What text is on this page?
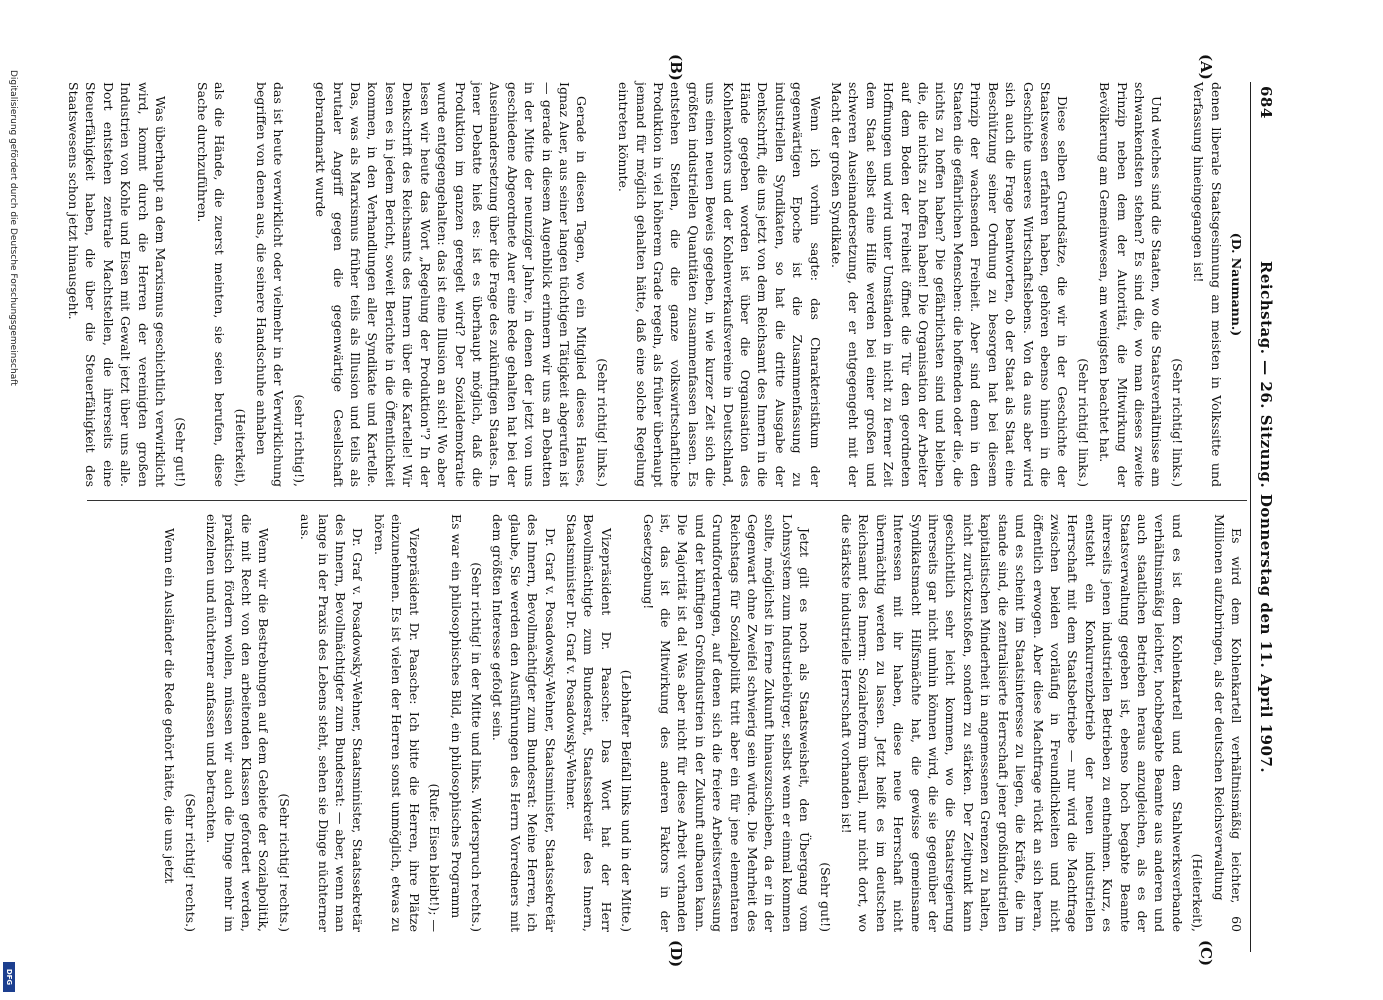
Digitalisierung gefördert durch die Deutsche Forschungsgemeinschaft
DFG
684
Reichstag. — 26. Sitzung. Donnerstag den 11. April 1907.
(A)
(B)
(C)
(D)
(D. Naumann.)
denen liberale Staatsgesinnung am meisten in Volkssitte und Verfassung hineingegangen ist!
(Sehr richtig! links.)
Und welches sind die Staaten, wo die Staatsverhältnisse am schwankendsten stehen? Es sind die, wo man dieses zweite Prinzip neben dem der Autorität, die Mitwirkung der Bevölkerung am Gemeinwesen, am wenigsten beachtet hat.
(Sehr richtig! links.)
Diese selben Grundsätze, die wir in der Geschichte der Staatswesen erfahren haben, gehören ebenso hinein in die Geschichte unseres Wirtschaftslebens. Von da aus aber wird sich auch die Frage beantworten, ob der Staat als Staat eine Beschützung seiner Ordnung zu besorgen hat bei diesem Prinzip der wachsenden Freiheit. Aber sind denn in den Staaten die gefährlichen Menschen: die hoffenden oder die, die nichts zu hoffen haben? Die gefährlichsten sind und bleiben die, die nichts zu hoffen haben! Die Organisation der Arbeiter auf dem Boden der Freiheit öffnet die Tür den geordneten Hoffnungen und wird unter Umständen in nicht zu ferner Zeit dem Staat selbst eine Hilfe werden bei einer großen und schweren Auseinandersetzung, der er entgegengeht mit der Macht der großen Syndikate.
Wenn ich vorhin sagte: das Charakteristikum der gegenwärtigen Epoche ist die Zusammenfassung zu industriellen Syndikaten, so hat die dritte Ausgabe der Denkschrift, die uns jetzt von dem Reichsamt des Innern in die Hände gegeben worden ist über die Organisation des Kohlenkontors und der Kohlenverkaufsvereine in Deutschland, uns einen neuen Beweis gegeben, in wie kurzer Zeit sich die größten industriellen Quantitäten zusammenfassen lassen. Es entstehen Stellen, die die ganze volkswirtschaftliche Produktion in viel höherem Grade regeln, als früher überhaupt jemand für möglich gehalten hätte, daß eine solche Regelung eintreten könnte.
(Sehr richtig! links.)
Gerade in diesen Tagen, wo ein Mitglied dieses Hauses, Ignaz Auer, aus seiner langen tüchtigen Tätigkeit abgerufen ist — gerade in diesem Augenblick erinnern wir uns an Debatten in der Mitte der neunziger Jahre, in denen der jetzt von uns geschiedene Abgeordnete Auer eine Rede gehalten hat bei der Auseinandersetzung über die Frage des zukünftigen Staates. In jener Debatte hieß es: ist es überhaupt möglich, daß die Produktion im ganzen geregelt wird? Der Sozialdemokratie wurde entgegengehalten: das ist eine Illusion an sich! Wo aber lesen wir heute das Wort „Regelung der Produktion"? In der Denkschrift des Reichsamts des Innern über die Kartelle! Wir lesen es in jedem Bericht, soweit Berichte in die Öffentlichkeit kommen, in den Verhandlungen aller Syndikate und Kartelle. Das, was als Marxismus früher teils als Illusion und teils als brutaler Angriff gegen die gegenwärtige Gesellschaft gebrandmarkt wurde
(sehr richtig!),
das ist heute verwirklicht oder vielmehr in der Verwirklichung begriffen von denen aus, die seinere Handschuhe anhaben
(Heiterkeit),
als die Hände, die zuerst meinten, sie seien berufen, diese Sache durchzuführen.
(Sehr gut!)
Was überhaupt an dem Marxismus geschichtlich verwirklicht wird, kommt durch die Herren der vereinigten großen Industrien von Kohle und Eisen mit Gewalt jetzt über uns alle. Dort entstehen zentrale Machtstellen, die ihrerseits eine Steuerfähigkeit haben, die über die Steuerfähigkeit des Staatswesens schon jetzt hinausgeht.
Es wird dem Kohlenkartell verhältnismäßig leichter, 60 Millionen aufzubringen, als der deutschen Reichsverwaltung
(Heiterkeit),
und es ist dem Kohlenkartell und dem Stahlwerksverbande verhältnismäßig leichter, hochbegabte Beamte aus anderen und auch staatlichen Betrieben heraus anzugleichen, als es der Staatsverwaltung gegeben ist, ebenso hoch begabte Beamte ihrerseits jenen industriellen Betrieben zu entnehmen. Kurz, es entsteht ein Konkurrenzbetrieb der neuen industriellen Herrschaft mit dem Staatsbetriebe — nur wird die Machtfrage zwischen beiden vorläufig in Freundlichkeiten und nicht öffentlich erwogen. Aber diese Machtfrage rückt an sich heran, und es scheint im Staatsinteresse zu liegen, die Kräfte, die im stande sind, die zentralisierte Herrschaft jener großindustriellen kapitalistischen Minderheit in angemessenen Grenzen zu halten, nicht zurückzustoßen, sondern zu stärken. Der Zeitpunkt kann geschichtlich sehr leicht kommen, wo die Staatsregierung ihrerseits gar nicht umhin können wird, die sie gegenüber der Syndikatsmacht Hilfsmächte hat, die gewisse gemeinsame Interessen mit ihr haben, diese neue Herrschaft nicht übermächtig werden zu lassen. Jetzt heißt es im deutschen Reichsamt des Innern: Sozialreform überall, nur nicht dort, wo die stärkste industrielle Herrschaft vorhanden ist!
(Sehr gut!)
Jetzt gilt es noch als Staatsweisheit, den Übergang vom Lohnsystem zum Industriebürger, selbst wenn er einmal kommen sollte, möglichst in ferne Zukunft hinauszuschieben, da er in der Gegenwart ohne Zweifel schwierig sein würde. Die Mehrheit des Reichstags für Sozialpolitik tritt aber ein für jene elementaren Grundforderungen, auf denen sich die freiere Arbeitsverfassung und der künftigen Großindustrien in der Zukunft aufbauen kann. Die Majorität ist da! Was aber nicht für diese Arbeit vorhanden ist, das ist die Mitwirkung des anderen Faktors in der Gesetzgebung!
(Lebhafter Beifall links und in der Mitte.)
Vizepräsident Dr. Paasche: Das Wort hat der Herr Bevollmächtigte zum Bundesrat, Staatssekretär des Innern, Staatsminister Dr. Graf v. Posadowsky-Wehner.
Dr. Graf v. Posadowsky-Wehner, Staatsminister, Staatssekretär des Innern, Bevollmächtigter zum Bundesrat: Meine Herren, ich glaube, Sie werden den Ausführungen des Herrn Vorredners mit dem größten Interesse gefolgt sein.
(Sehr richtig! in der Mitte und links. Widerspruch rechts.)
Es war ein philosophisches Bild, ein philosophisches Programm
(Rufe: Eisen bleibt!); —
Vizepräsident Dr. Paasche: Ich bitte die Herren, ihre Plätze einzunehmen. Es ist vielen der Herren sonst unmöglich, etwas zu hören.
Dr. Graf v. Posadowsky-Wehner, Staatsminister, Staatssekretär des Innern, Bevollmächtigter zum Bundesrat: — aber, wenn man lange in der Praxis des Lebens steht, sehen sie Dinge nüchterner aus.
(Sehr richtig! rechts.)
Wenn wir die Bestrebungen auf dem Gebiete der Sozialpolitik, die mit Recht von den arbeitenden Klassen gefordert werden, praktisch fördern wollen, müssen wir auch die Dinge mehr im einzelnen und nüchterner anfassen und betrachten.
(Sehr richtig! rechts.)
Wenn ein Ausländer die Rede gehört hätte, die uns jetzt
